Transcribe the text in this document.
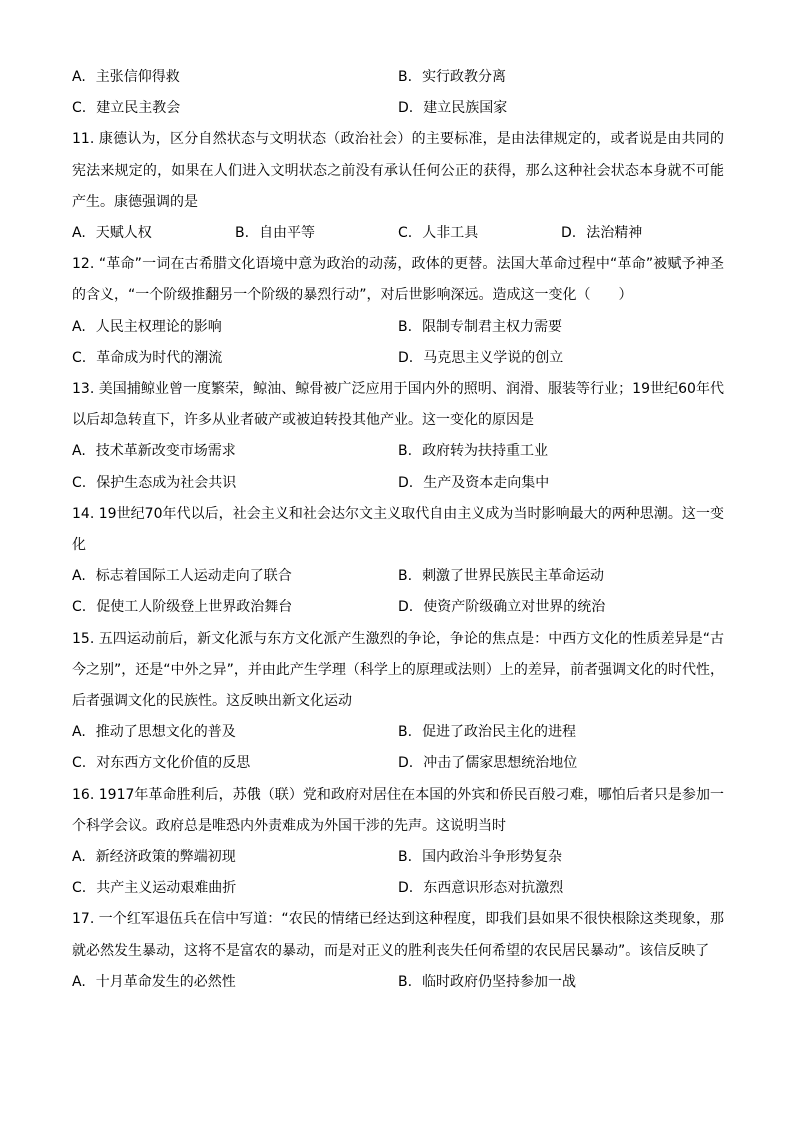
A. 主张信仰得救	B. 实行政教分离
C. 建立民主教会	D. 建立民族国家
11. 康德认为，区分自然状态与文明状态（政治社会）的主要标准，是由法律规定的，或者说是由共同的宪法来规定的，如果在人们进入文明状态之前没有承认任何公正的获得，那么这种社会状态本身就不可能产生。康德强调的是
A. 天赋人权	B. 自由平等	C. 人非工具	D. 法治精神
12. “革命”一词在古希腊文化语境中意为政治的动荡，政体的更替。法国大革命过程中“革命”被赋予神圣的含义，“一个阶级推翻另一个阶级的暴烈行动”，对后世影响深远。造成这一变化（　　）
A. 人民主权理论的影响	B. 限制专制君主权力需要
C. 革命成为时代的潮流	D. 马克思主义学说的创立
13. 美国捕鲸业曾一度繁荣，鲸油、鲸骨被广泛应用于国内外的照明、润滑、服装等行业；19世纪60年代以后却急转直下，许多从业者破产或被迫转投其他产业。这一变化的原因是
A. 技术革新改变市场需求	B. 政府转为扶持重工业
C. 保护生态成为社会共识	D. 生产及资本走向集中
14. 19世纪70年代以后，社会主义和社会达尔文主义取代自由主义成为当时影响最大的两种思潮。这一变化
A. 标志着国际工人运动走向了联合	B. 刺激了世界民族民主革命运动
C. 促使工人阶级登上世界政治舞台	D. 使资产阶级确立对世界的统治
15. 五四运动前后，新文化派与东方文化派产生激烈的争论，争论的焦点是：中西方文化的性质差异是“古今之别”，还是“中外之异”，并由此产生学理（科学上的原理或法则）上的差异，前者强调文化的时代性，后者强调文化的民族性。这反映出新文化运动
A. 推动了思想文化的普及	B. 促进了政治民主化的进程
C. 对东西方文化价值的反思	D. 冲击了儒家思想统治地位
16. 1917年革命胜利后，苏俄（联）党和政府对居住在本国的外宾和侨民百般刁难，哪怕后者只是参加一个科学会议。政府总是唯恐内外责难成为外国干涉的先声。这说明当时
A. 新经济政策的弊端初现	B. 国内政治斗争形势复杂
C. 共产主义运动艰难曲折	D. 东西意识形态对抗激烈
17. 一个红军退伍兵在信中写道：“农民的情绪已经达到这种程度，即我们县如果不很快根除这类现象，那就必然发生暴动，这将不是富农的暴动，而是对正义的胜利丧失任何希望的农民居民暴动”。该信反映了
A. 十月革命发生的必然性	B. 临时政府仍坚持参加一战
